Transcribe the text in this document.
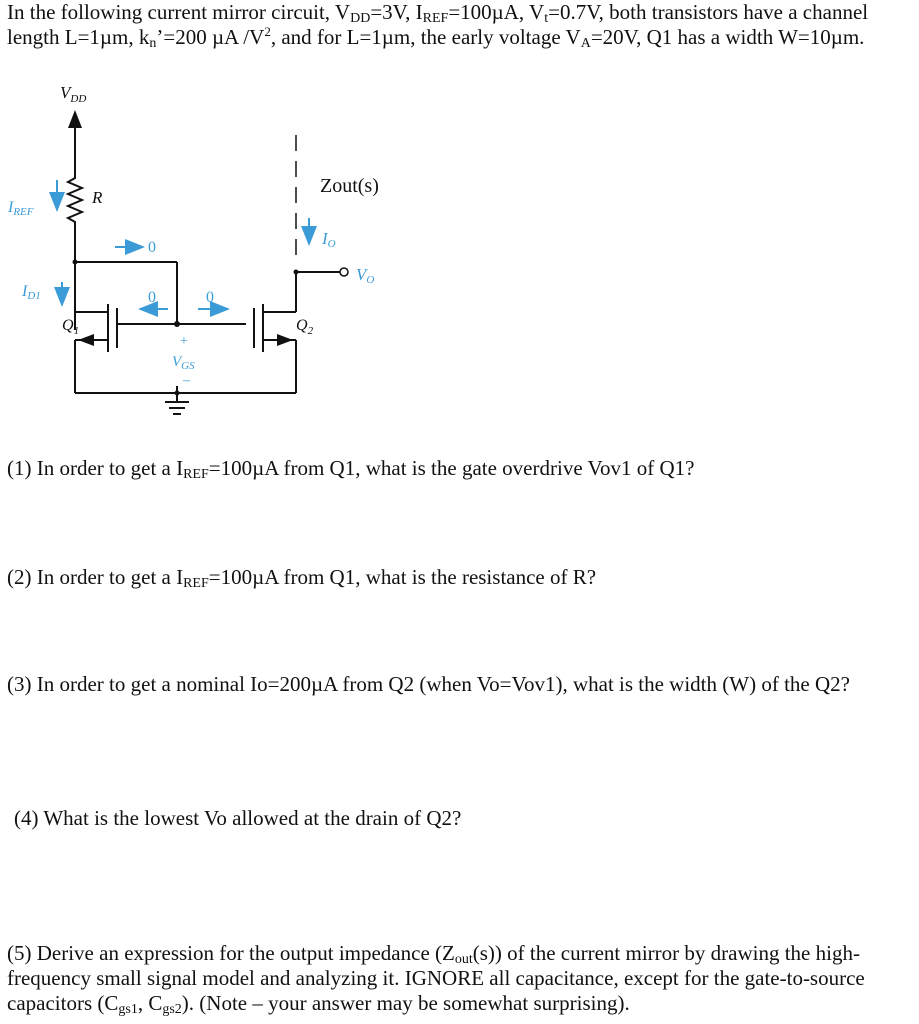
In the following current mirror circuit, $V_{DD}=3V$, $I_{REF}=100\mu A$, $V_t=0.7V$, both transistors have a channel length L=1µm, $k_n’=200$ µA $/V^2$, and for L=1µm, the early voltage $V_A=20V$, Q1 has a width W=10µm.
$V_{DD}$
R
IREF
0
ID1
$Q_1$
0	0
+
$V_{GS}$
–
$Q_2$
VO
Zout(s)
IO
(1) In order to get a $I_{REF}=100\mu A$ from Q1, what is the gate overdrive Vov1 of Q1?
(2) In order to get a $I_{REF}=100\mu A$ from Q1, what is the resistance of R?
(3) In order to get a nominal Io=200µA from Q2 (when Vo=Vov1), what is the width (W) of the Q2?
(4) What is the lowest Vo allowed at the drain of Q2?
(5) Derive an expression for the output impedance $(Z_{out}(s))$ of the current mirror by drawing the high-frequency small signal model and analyzing it. IGNORE all capacitance, except for the gate-to-source capacitors ($C_{gs1}$, $C_{gs2}$). (Note – your answer may be somewhat surprising).
